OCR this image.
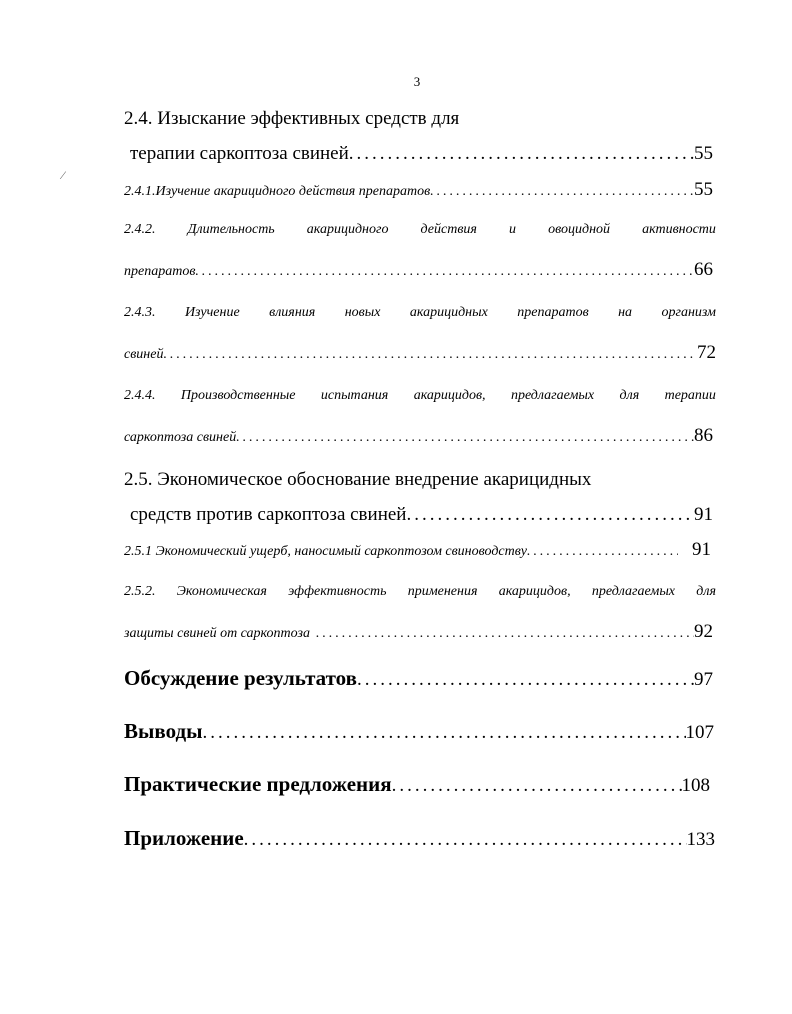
3
⁄
2.4. Изыскание эффективных средств для
терапии саркоптоза свиней .....	55
2.4.1.Изучение акарицидного действия препаратов .....	55
2.4.2. Длительность акарицидного действия и овоцидной активности
препаратов .....	66
2.4.3. Изучение влияния новых акарицидных препаратов на организм
свиней .....	72
2.4.4. Производственные испытания акарицидов, предлагаемых для терапии
саркоптоза свиней .....	86
2.5. Экономическое обоснование внедрение акарицидных
средств против саркоптоза свиней .....	91
2.5.1 Экономический ущерб, наносимый саркоптозом свиноводству .....	91
2.5.2. Экономическая эффективность применения акарицидов, предлагаемых для
защиты свиней от саркоптоза .....	92
Обсуждение результатов .....	97
Выводы .....	107
Практические предложения .....	108
Приложение .....	133
